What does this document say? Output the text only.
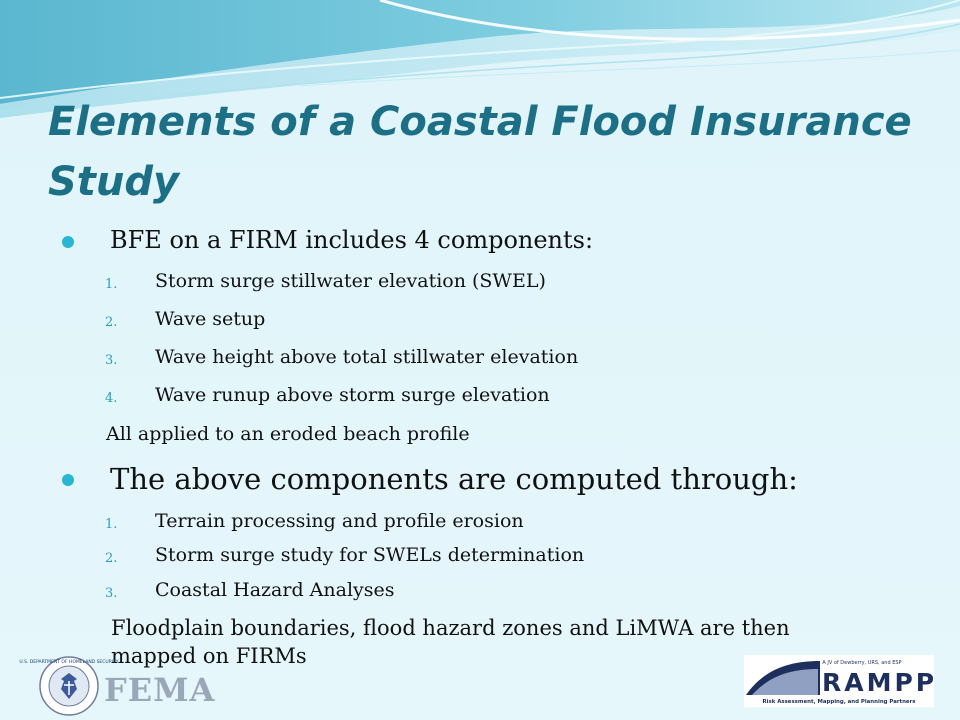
Elements of a Coastal Flood Insurance Study
BFE on a FIRM includes 4 components:
1. Storm surge stillwater elevation (SWEL)
2. Wave setup
3. Wave height above total stillwater elevation
4. Wave runup above storm surge elevation
All applied to an eroded beach profile
The above components are computed through:
1. Terrain processing and profile erosion
2. Storm surge study for SWELs determination
3. Coastal Hazard Analyses
Floodplain boundaries, flood hazard zones and LiMWA are then mapped on FIRMs
U.S. DEPARTMENT OF HOMELAND SECURITY
FEMA
A JV of Dewberry, URS, and ESP
RAMPP
Risk Assessment, Mapping, and Planning Partners
